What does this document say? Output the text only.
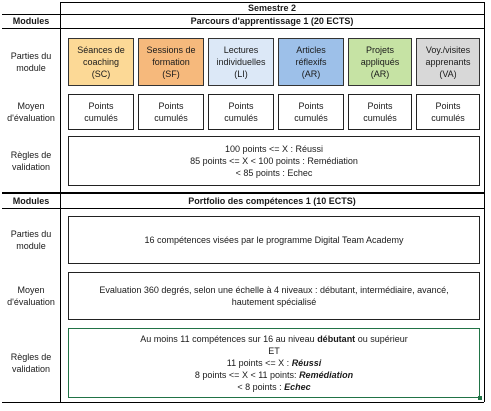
Semestre 2
Modules	Parcours d'apprentissage 1 (20 ECTS)
Modules	Portfolio des compétences 1 (10 ECTS)
Parties du
module
Moyen
d'évaluation
Règles de
validation
Séances de
coaching
(SC)
Sessions de
formation
(SF)
Lectures
individuelles
(LI)
Articles
réflexifs
(AR)
Projets
appliqués
(AR)
Voy./visites
apprenants
(VA)
Points
cumulés
Points
cumulés
Points
cumulés
Points
cumulés
Points
cumulés
Points
cumulés
100 points <= X : Réussi
85 points <= X < 100 points : Remédiation
< 85 points : Echec
Parties du
module
Moyen
d'évaluation
Règles de
validation
16 compétences visées par le programme Digital Team Academy
Evaluation 360 degrés, selon une échelle à 4 niveaux : débutant, intermédiaire, avancé,
hautement spécialisé
Au moins 11 compétences sur 16 au niveau débutant ou supérieur
ET
11 points <= X : Réussi
8 points <= X < 11 points: Remédiation
< 8 points : Echec
